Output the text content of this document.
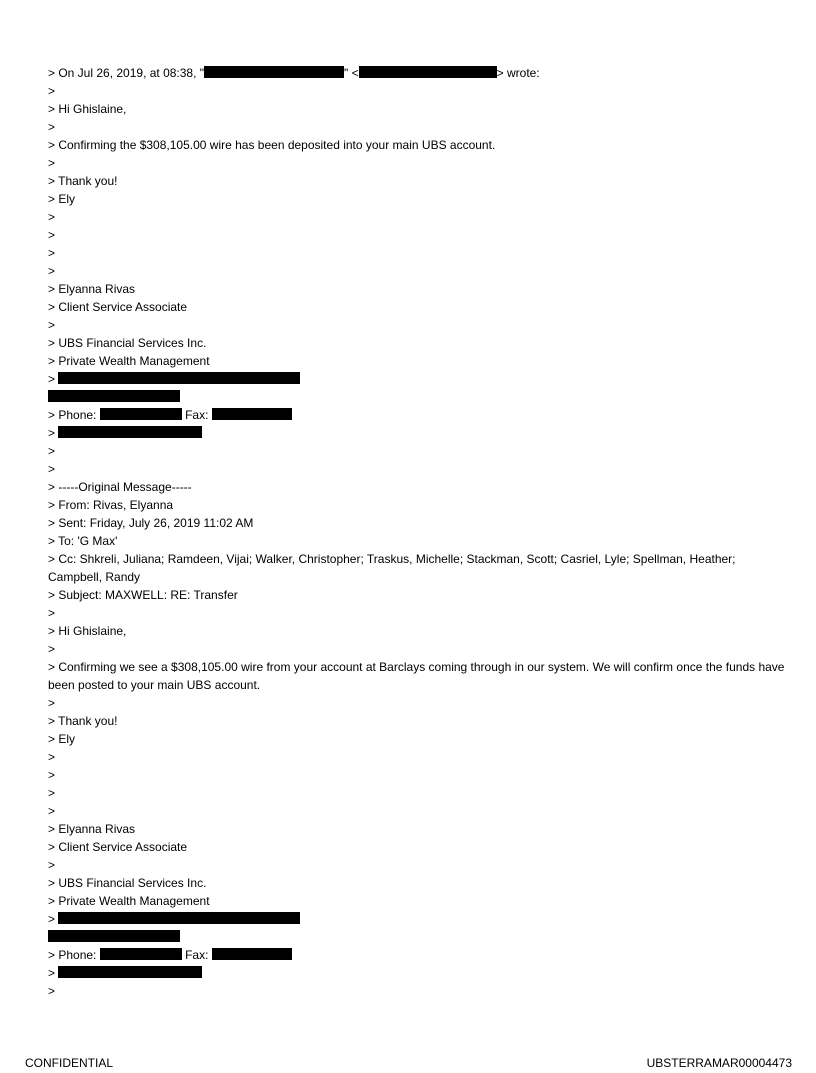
> On Jul 26, 2019, at 08:38, "	" <	> wrote:
>
> Hi Ghislaine,
>
> Confirming the $308,105.00 wire has been deposited into your main UBS account.
>
> Thank you!
> Ely
>
>
>
>
> Elyanna Rivas
> Client Service Associate
>
> UBS Financial Services Inc.
> Private Wealth Management
>
> Phone:	Fax:
>
>
>
> -----Original Message-----
> From: Rivas, Elyanna
> Sent: Friday, July 26, 2019 11:02 AM
> To: 'G Max'
> Cc: Shkreli, Juliana; Ramdeen, Vijai; Walker, Christopher; Traskus, Michelle; Stackman, Scott; Casriel, Lyle; Spellman, Heather; Campbell, Randy
> Subject: MAXWELL: RE: Transfer
>
> Hi Ghislaine,
>
> Confirming we see a $308,105.00 wire from your account at Barclays coming through in our system. We will confirm once the funds have been posted to your main UBS account.
>
> Thank you!
> Ely
>
>
>
>
> Elyanna Rivas
> Client Service Associate
>
> UBS Financial Services Inc.
> Private Wealth Management
>
> Phone:	Fax:
>
>
CONFIDENTIAL	UBSTERRAMAR00004473
